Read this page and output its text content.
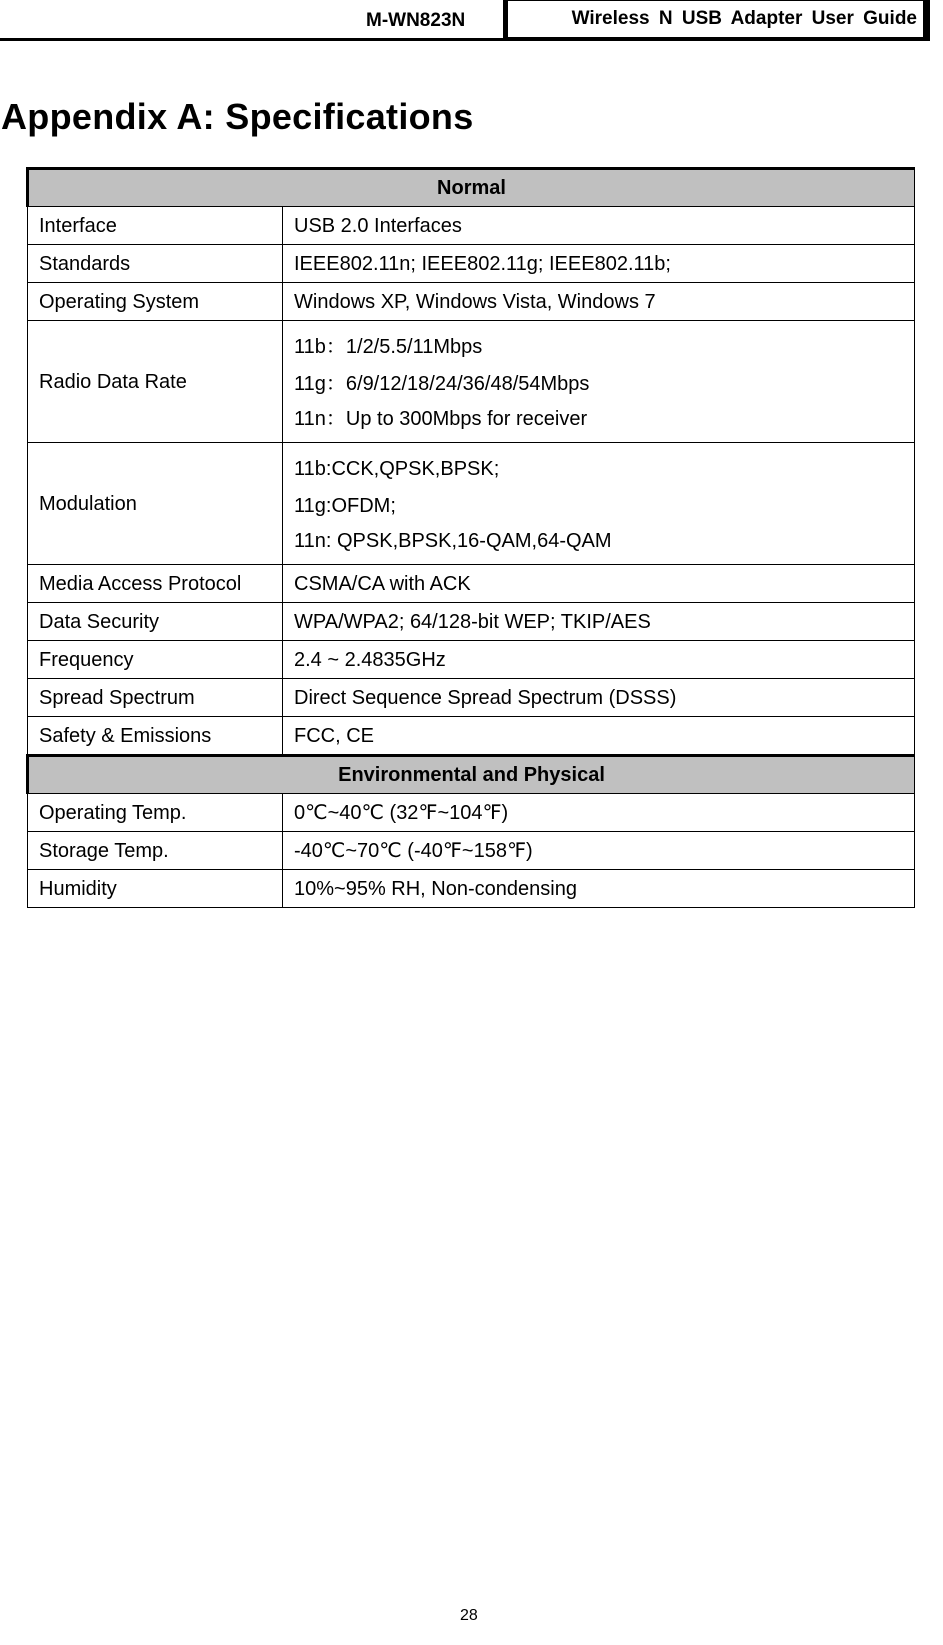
M-WN823N	Wireless N USB Adapter User Guide
Appendix A: Specifications
Normal	
Interface	USB 2.0 Interfaces
Standards	IEEE802.11n; IEEE802.11g; IEEE802.11b;
Operating System	Windows XP, Windows Vista, Windows 7
Radio Data Rate	11b：1/2/5.5/11Mbps
11g：6/9/12/18/24/36/48/54Mbps
11n：Up to 300Mbps for receiver

Modulation	11b:CCK,QPSK,BPSK;
11g:OFDM;
11n: QPSK,BPSK,16-QAM,64-QAM

Media Access Protocol	CSMA/CA with ACK
Data Security	WPA/WPA2; 64/128-bit WEP; TKIP/AES
Frequency	2.4 ~ 2.4835GHz
Spread Spectrum	Direct Sequence Spread Spectrum (DSSS)
Safety & Emissions	FCC, CE
Environmental and Physical	
Operating Temp.	0℃~40℃ (32℉~104℉)
Storage Temp.	-40℃~70℃ (-40℉~158℉)
Humidity	10%~95% RH, Non-condensing
28
